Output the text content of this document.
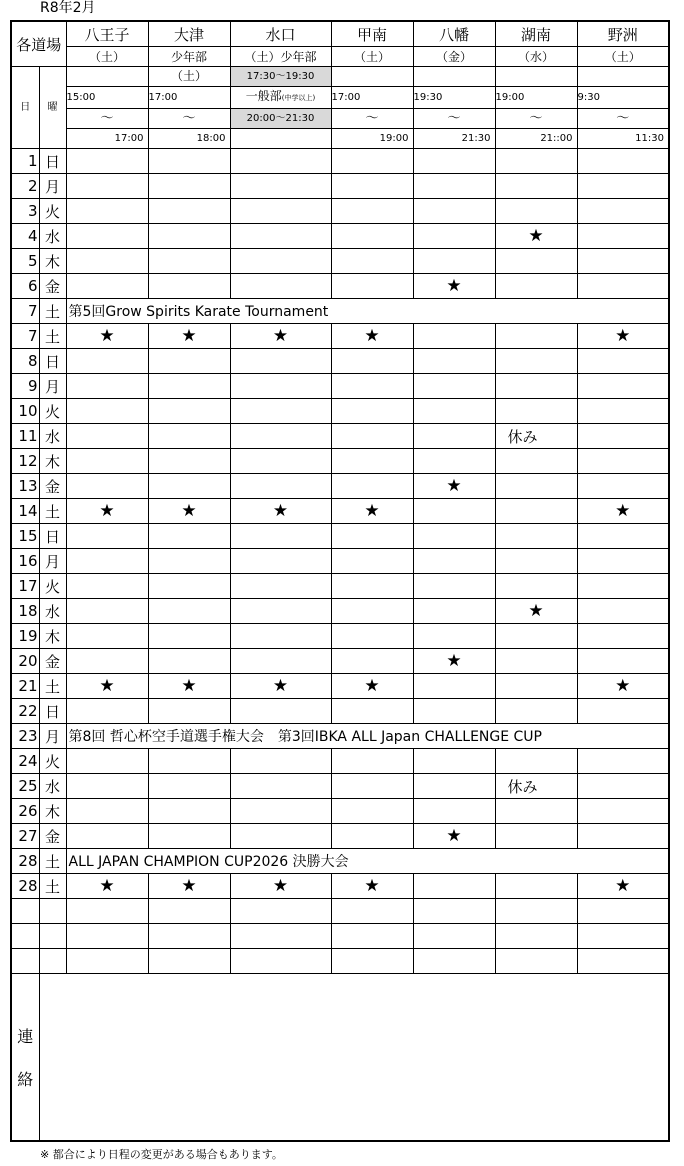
R8年2月
各道場		八王子	大津	水口	甲南	八幡	湖南	野洲
		（土）	少年部	（土）少年部	（土）	（金）	（水）	（土）
日	曜		（土）	17:30〜19:30				
		15:00	17:00	一般部(中学以上)	17:00	19:30	19:00	9:30
		〜	〜	20:00〜21:30	〜	〜	〜	〜
		17:00	18:00		19:00	21:30	21::00	11:30
1	日							
2	月							
3	火							
4	水						★	
5	木							
6	金					★		
7	土	第5回Grow Spirits Karate Tournament						
7	土	★	★	★	★			★
8	日							
9	月							
10	火							
11	水						休み	
12	木							
13	金					★		
14	土	★	★	★	★			★
15	日							
16	月							
17	火							
18	水						★	
19	木							
20	金					★		
21	土	★	★	★	★			★
22	日							
23	月	第8回 哲心杯空手道選手権大会　第3回IBKA ALL Japan CHALLENGE CUP						
24	火							
25	水						休み	
26	木							
27	金					★		
28	土	ALL JAPAN CHAMPION CUP2026 決勝大会						
28	土	★	★	★	★			★

連
絡								

※ 都合により日程の変更がある場合もあります。
